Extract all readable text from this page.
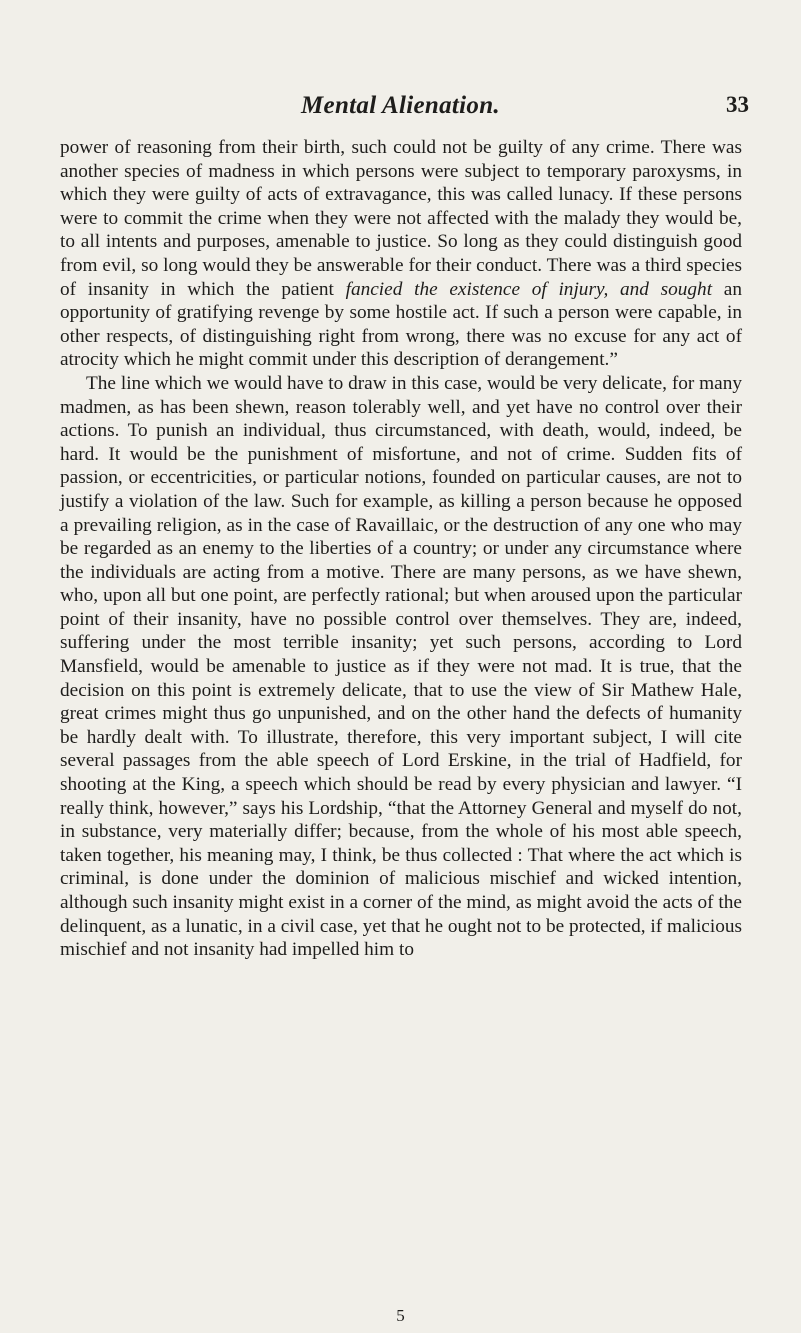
Mental Alienation.	33

power of reasoning from their birth, such could not be guilty of any crime. There was another species of madness in which persons were subject to temporary paroxysms, in which they were guilty of acts of extravagance, this was called lunacy. If these persons were to commit the crime when they were not affected with the malady they would be, to all intents and purposes, amenable to justice. So long as they could distinguish good from evil, so long would they be answerable for their conduct. There was a third species of insanity in which the patient fancied the existence of injury, and sought an opportunity of gratifying revenge by some hostile act. If such a person were capable, in other respects, of distinguishing right from wrong, there was no excuse for any act of atrocity which he might commit under this description of derangement.”

The line which we would have to draw in this case, would be very delicate, for many madmen, as has been shewn, reason tolerably well, and yet have no control over their actions. To punish an individual, thus circumstanced, with death, would, indeed, be hard. It would be the punishment of misfortune, and not of crime. Sudden fits of passion, or eccentricities, or particular notions, founded on particular causes, are not to justify a violation of the law. Such for example, as killing a person because he opposed a prevailing religion, as in the case of Ravaillaic, or the destruction of any one who may be regarded as an enemy to the liberties of a country; or under any circumstance where the individuals are acting from a motive. There are many persons, as we have shewn, who, upon all but one point, are perfectly rational; but when aroused upon the particular point of their insanity, have no possible control over themselves. They are, indeed, suffering under the most terrible insanity; yet such persons, according to Lord Mansfield, would be amenable to justice as if they were not mad. It is true, that the decision on this point is extremely delicate, that to use the view of Sir Mathew Hale, great crimes might thus go unpunished, and on the other hand the defects of humanity be hardly dealt with. To illustrate, therefore, this very important subject, I will cite several passages from the able speech of Lord Erskine, in the trial of Hadfield, for shooting at the King, a speech which should be read by every physician and lawyer. “I really think, however,” says his Lordship, “that the Attorney General and myself do not, in substance, very materially differ; because, from the whole of his most able speech, taken together, his meaning may, I think, be thus collected : That where the act which is criminal, is done under the dominion of malicious mischief and wicked intention, although such insanity might exist in a corner of the mind, as might avoid the acts of the delinquent, as a lunatic, in a civil case, yet that he ought not to be protected, if malicious mischief and not insanity had impelled him to

5
